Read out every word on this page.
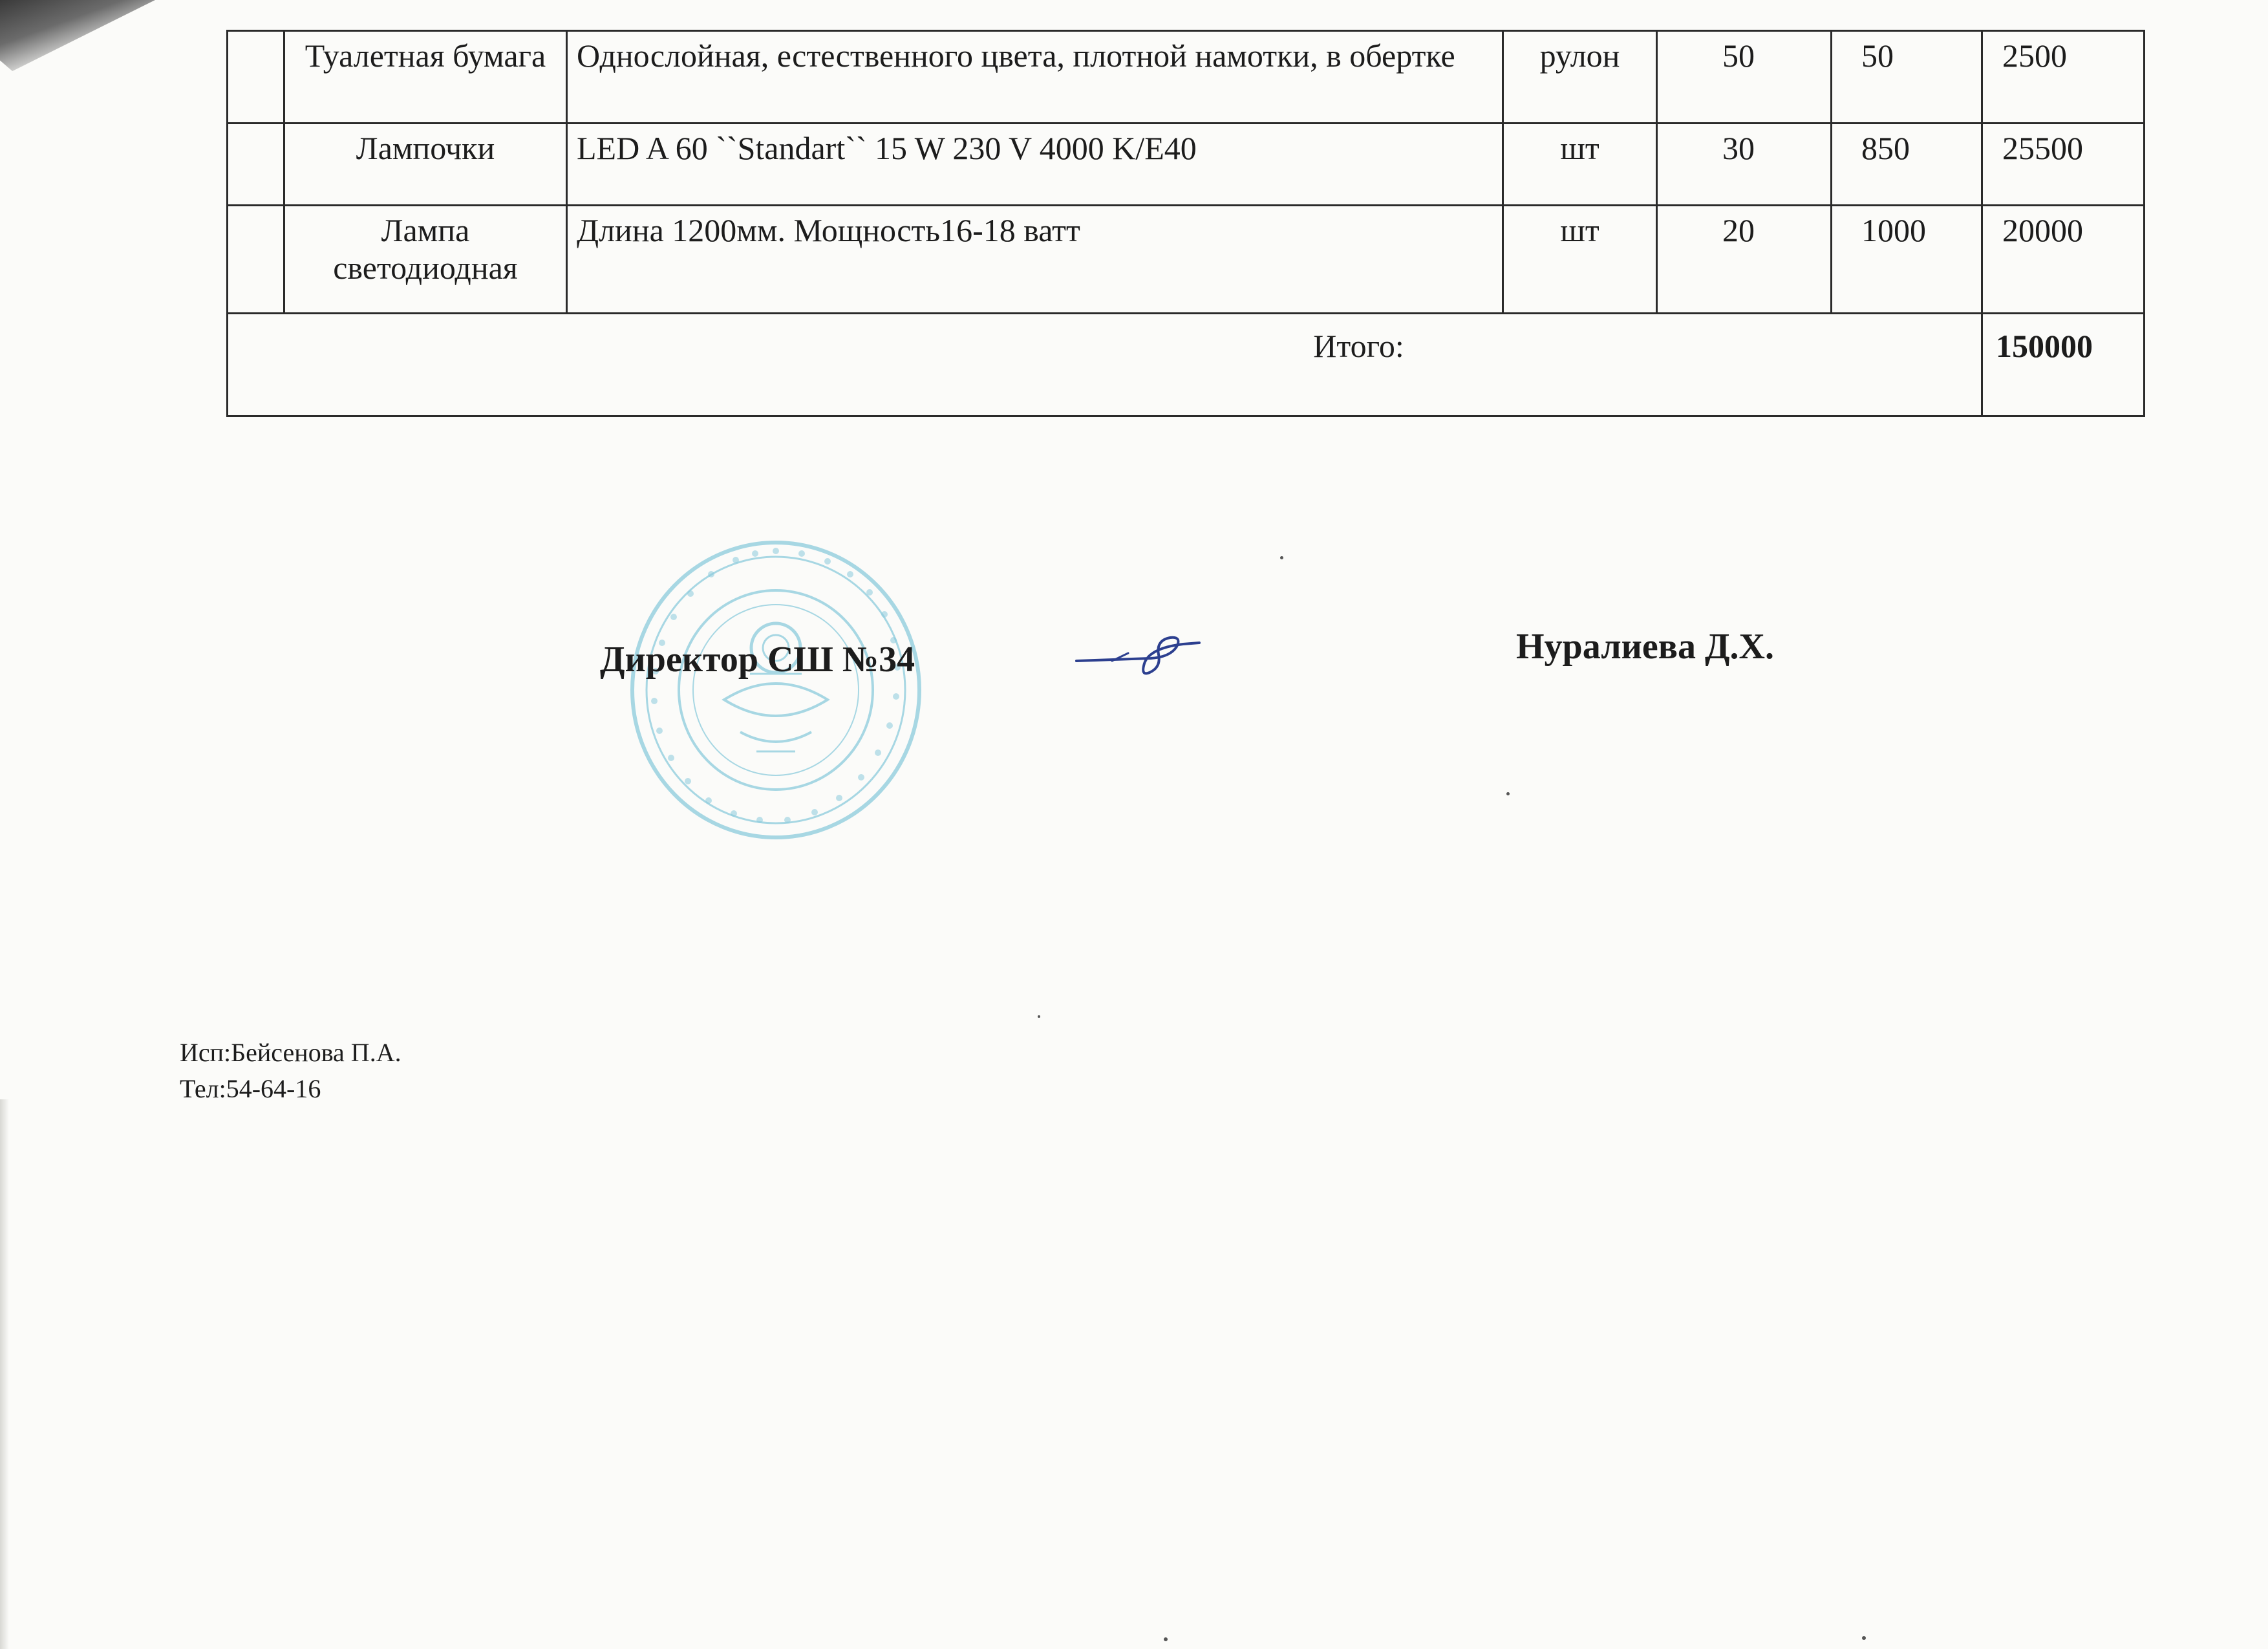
	Туалетная бумага	Однослойная, естественного цвета, плотной намотки, в обертке	рулон	50	50	2500
	Лампочки	LED A 60 ``Standart`` 15 W 230 V 4000 K/E40	шт	30	850	25500
	Лампа светодиодная	Длина 1200мм. Мощность16-18 ватт	шт	20	1000	20000
Итого:						150000
Директор СШ №34	Нуралиева Д.Х.
Исп:Бейсенова П.А.
Тел:54-64-16
